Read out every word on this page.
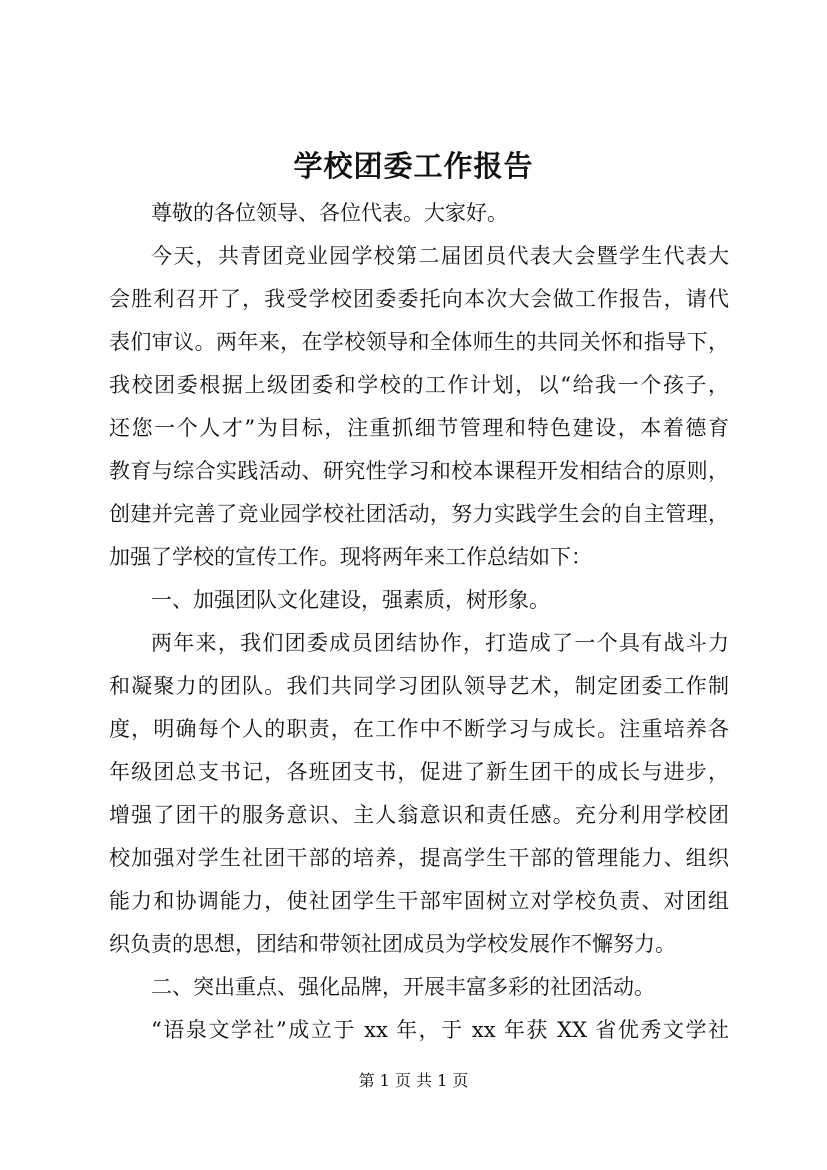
学校团委工作报告
尊敬的各位领导、各位代表。大家好。
今天，共青团竞业园学校第二届团员代表大会暨学生代表大
会胜利召开了，我受学校团委委托向本次大会做工作报告，请代
表们审议。两年来，在学校领导和全体师生的共同关怀和指导下，
我校团委根据上级团委和学校的工作计划，以“给我一个孩子，
还您一个人才”为目标，注重抓细节管理和特色建设，本着德育
教育与综合实践活动、研究性学习和校本课程开发相结合的原则，
创建并完善了竞业园学校社团活动，努力实践学生会的自主管理，
加强了学校的宣传工作。现将两年来工作总结如下：
一、加强团队文化建设，强素质，树形象。
两年来，我们团委成员团结协作，打造成了一个具有战斗力
和凝聚力的团队。我们共同学习团队领导艺术，制定团委工作制
度，明确每个人的职责，在工作中不断学习与成长。注重培养各
年级团总支书记，各班团支书，促进了新生团干的成长与进步，
增强了团干的服务意识、主人翁意识和责任感。充分利用学校团
校加强对学生社团干部的培养，提高学生干部的管理能力、组织
能力和协调能力，使社团学生干部牢固树立对学校负责、对团组
织负责的思想，团结和带领社团成员为学校发展作不懈努力。
二、突出重点、强化品牌，开展丰富多彩的社团活动。
“语泉文学社”成立于 xx 年，于 xx 年获 XX 省优秀文学社
第 1 页 共 1 页
